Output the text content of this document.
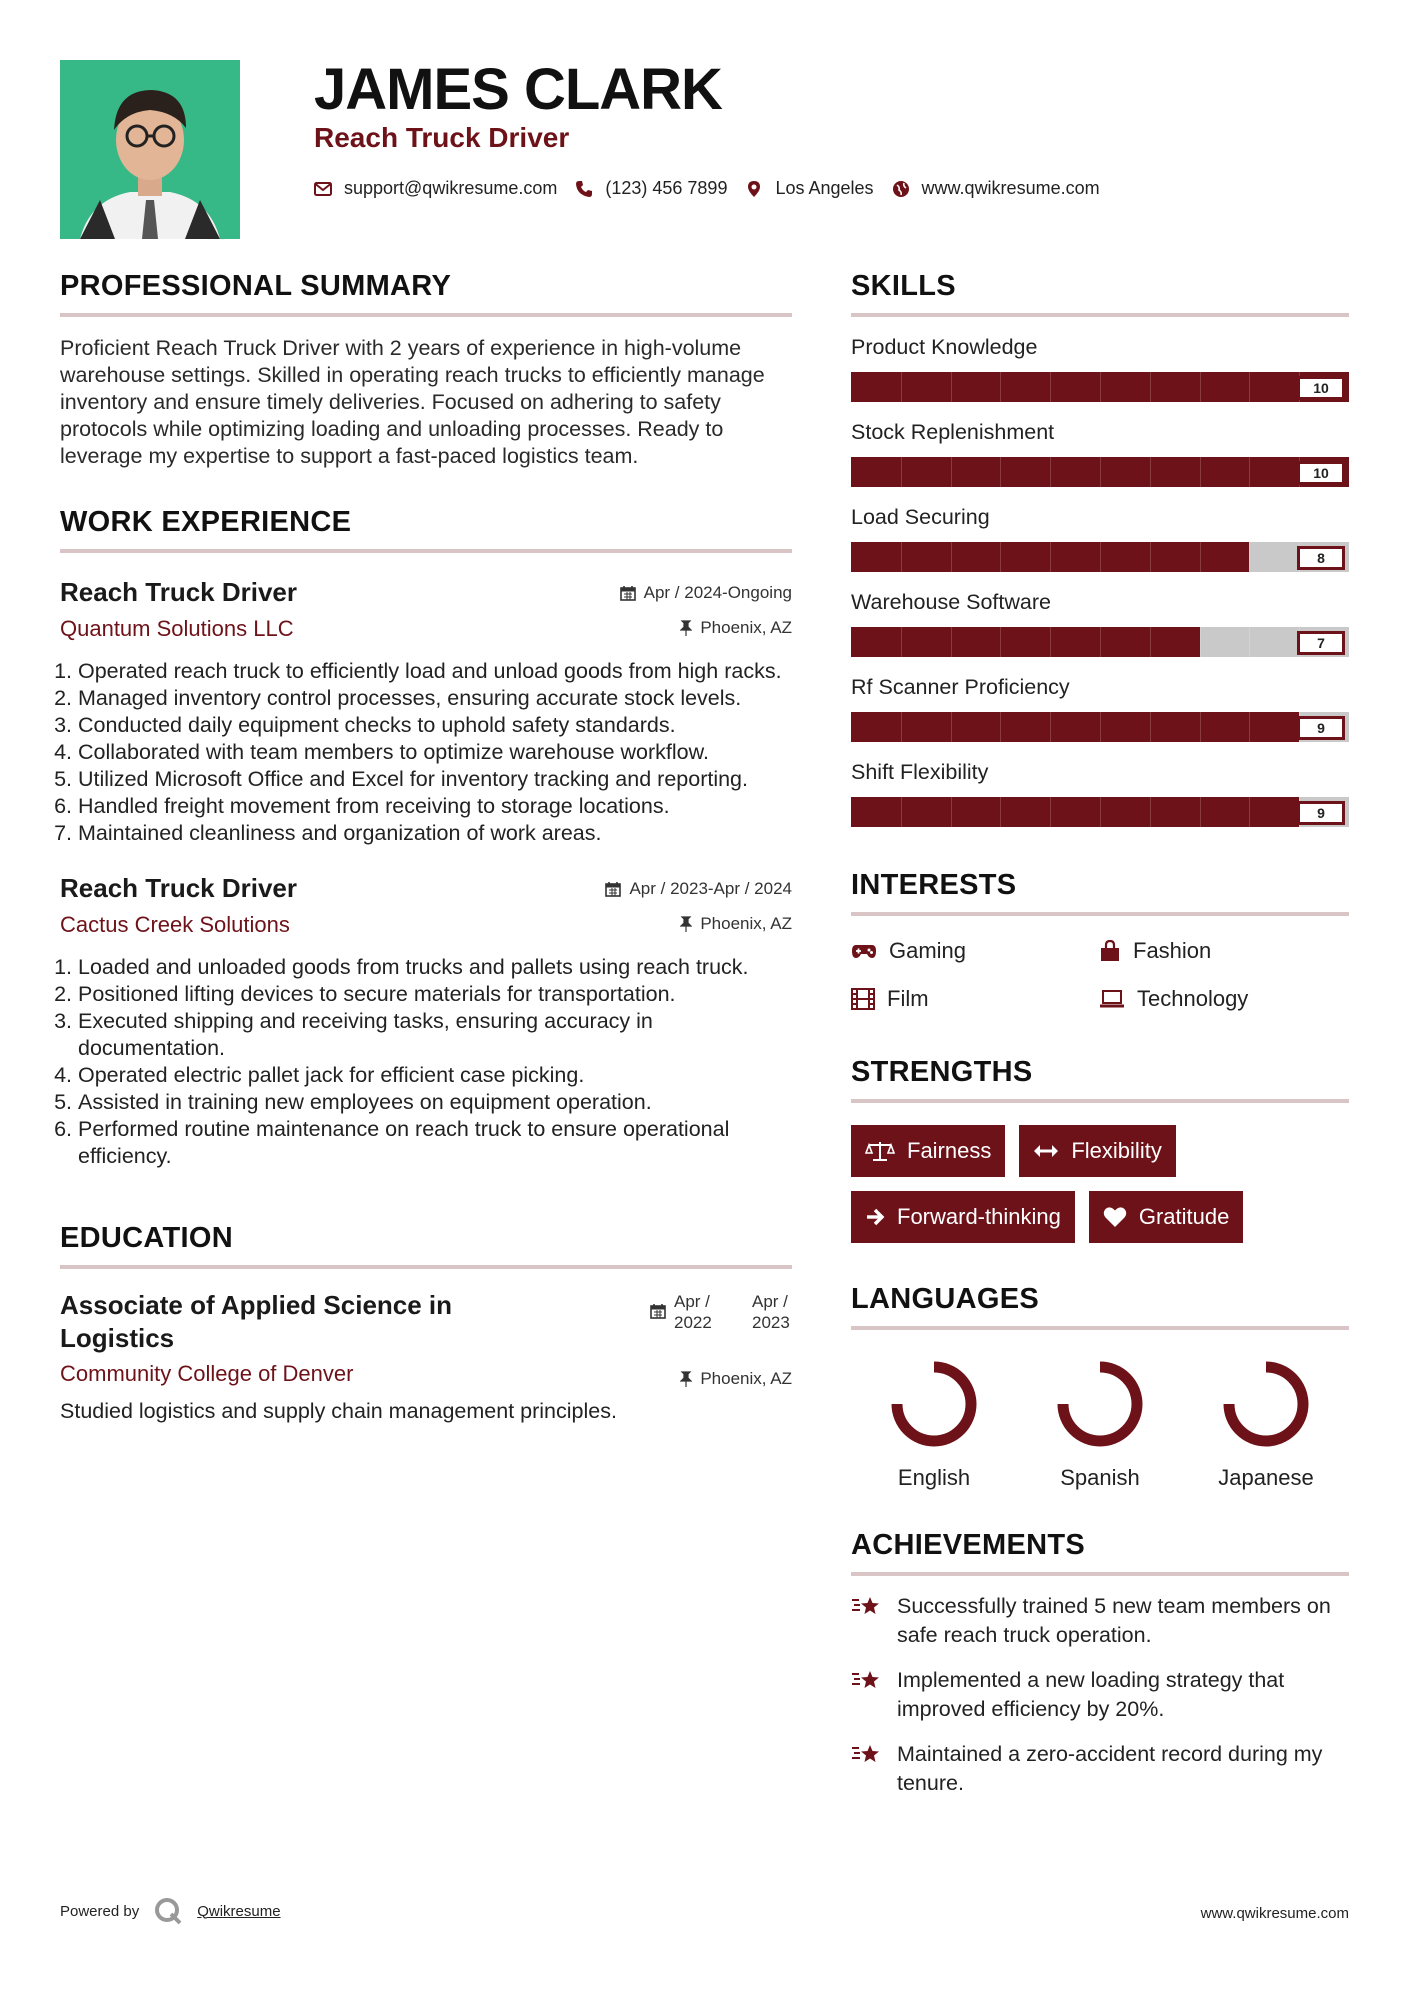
JAMES CLARK
Reach Truck Driver
support@qwikresume.com	(123) 456 7899	Los Angeles	www.qwikresume.com
PROFESSIONAL SUMMARY

Proficient Reach Truck Driver with 2 years of experience in high-volume warehouse settings. Skilled in operating reach trucks to efficiently manage inventory and ensure timely deliveries. Focused on adhering to safety protocols while optimizing loading and unloading processes. Ready to leverage my expertise to support a fast-paced logistics team.

WORK EXPERIENCE
Apr / 2024-Ongoing
Phoenix, AZ
Reach Truck Driver
Quantum Solutions LLC
1. Operated reach truck to efficiently load and unload goods from high racks.
2. Managed inventory control processes, ensuring accurate stock levels.
3. Conducted daily equipment checks to uphold safety standards.
4. Collaborated with team members to optimize warehouse workflow.
5. Utilized Microsoft Office and Excel for inventory tracking and reporting.
6. Handled freight movement from receiving to storage locations.
7. Maintained cleanliness and organization of work areas.
Apr / 2023-Apr / 2024
Phoenix, AZ
Reach Truck Driver
Cactus Creek Solutions
1. Loaded and unloaded goods from trucks and pallets using reach truck.
2. Positioned lifting devices to secure materials for transportation.
3. Executed shipping and receiving tasks, ensuring accuracy in documentation.
4. Operated electric pallet jack for efficient case picking.
5. Assisted in training new employees on equipment operation.
6. Performed routine maintenance on reach truck to ensure operational efficiency.
EDUCATION
Apr /
2022
Apr /
2023
Phoenix, AZ
Associate of Applied Science in Logistics
Community College of Denver
Studied logistics and supply chain management principles.
SKILLS
Product Knowledge
10
Stock Replenishment
10
Load Securing
8
Warehouse Software
7
Rf Scanner Proficiency
9
Shift Flexibility
9
INTERESTS
Gaming	Fashion
Film	Technology
STRENGTHS
Fairness	Flexibility
Forward-thinking	Gratitude
LANGUAGES
English	Spanish	Japanese
ACHIEVEMENTS
Successfully trained 5 new team members on safe reach truck operation.
Implemented a new loading strategy that improved efficiency by 20%.
Maintained a zero-accident record during my tenure.
Powered by	Qwikresume	www.qwikresume.com
